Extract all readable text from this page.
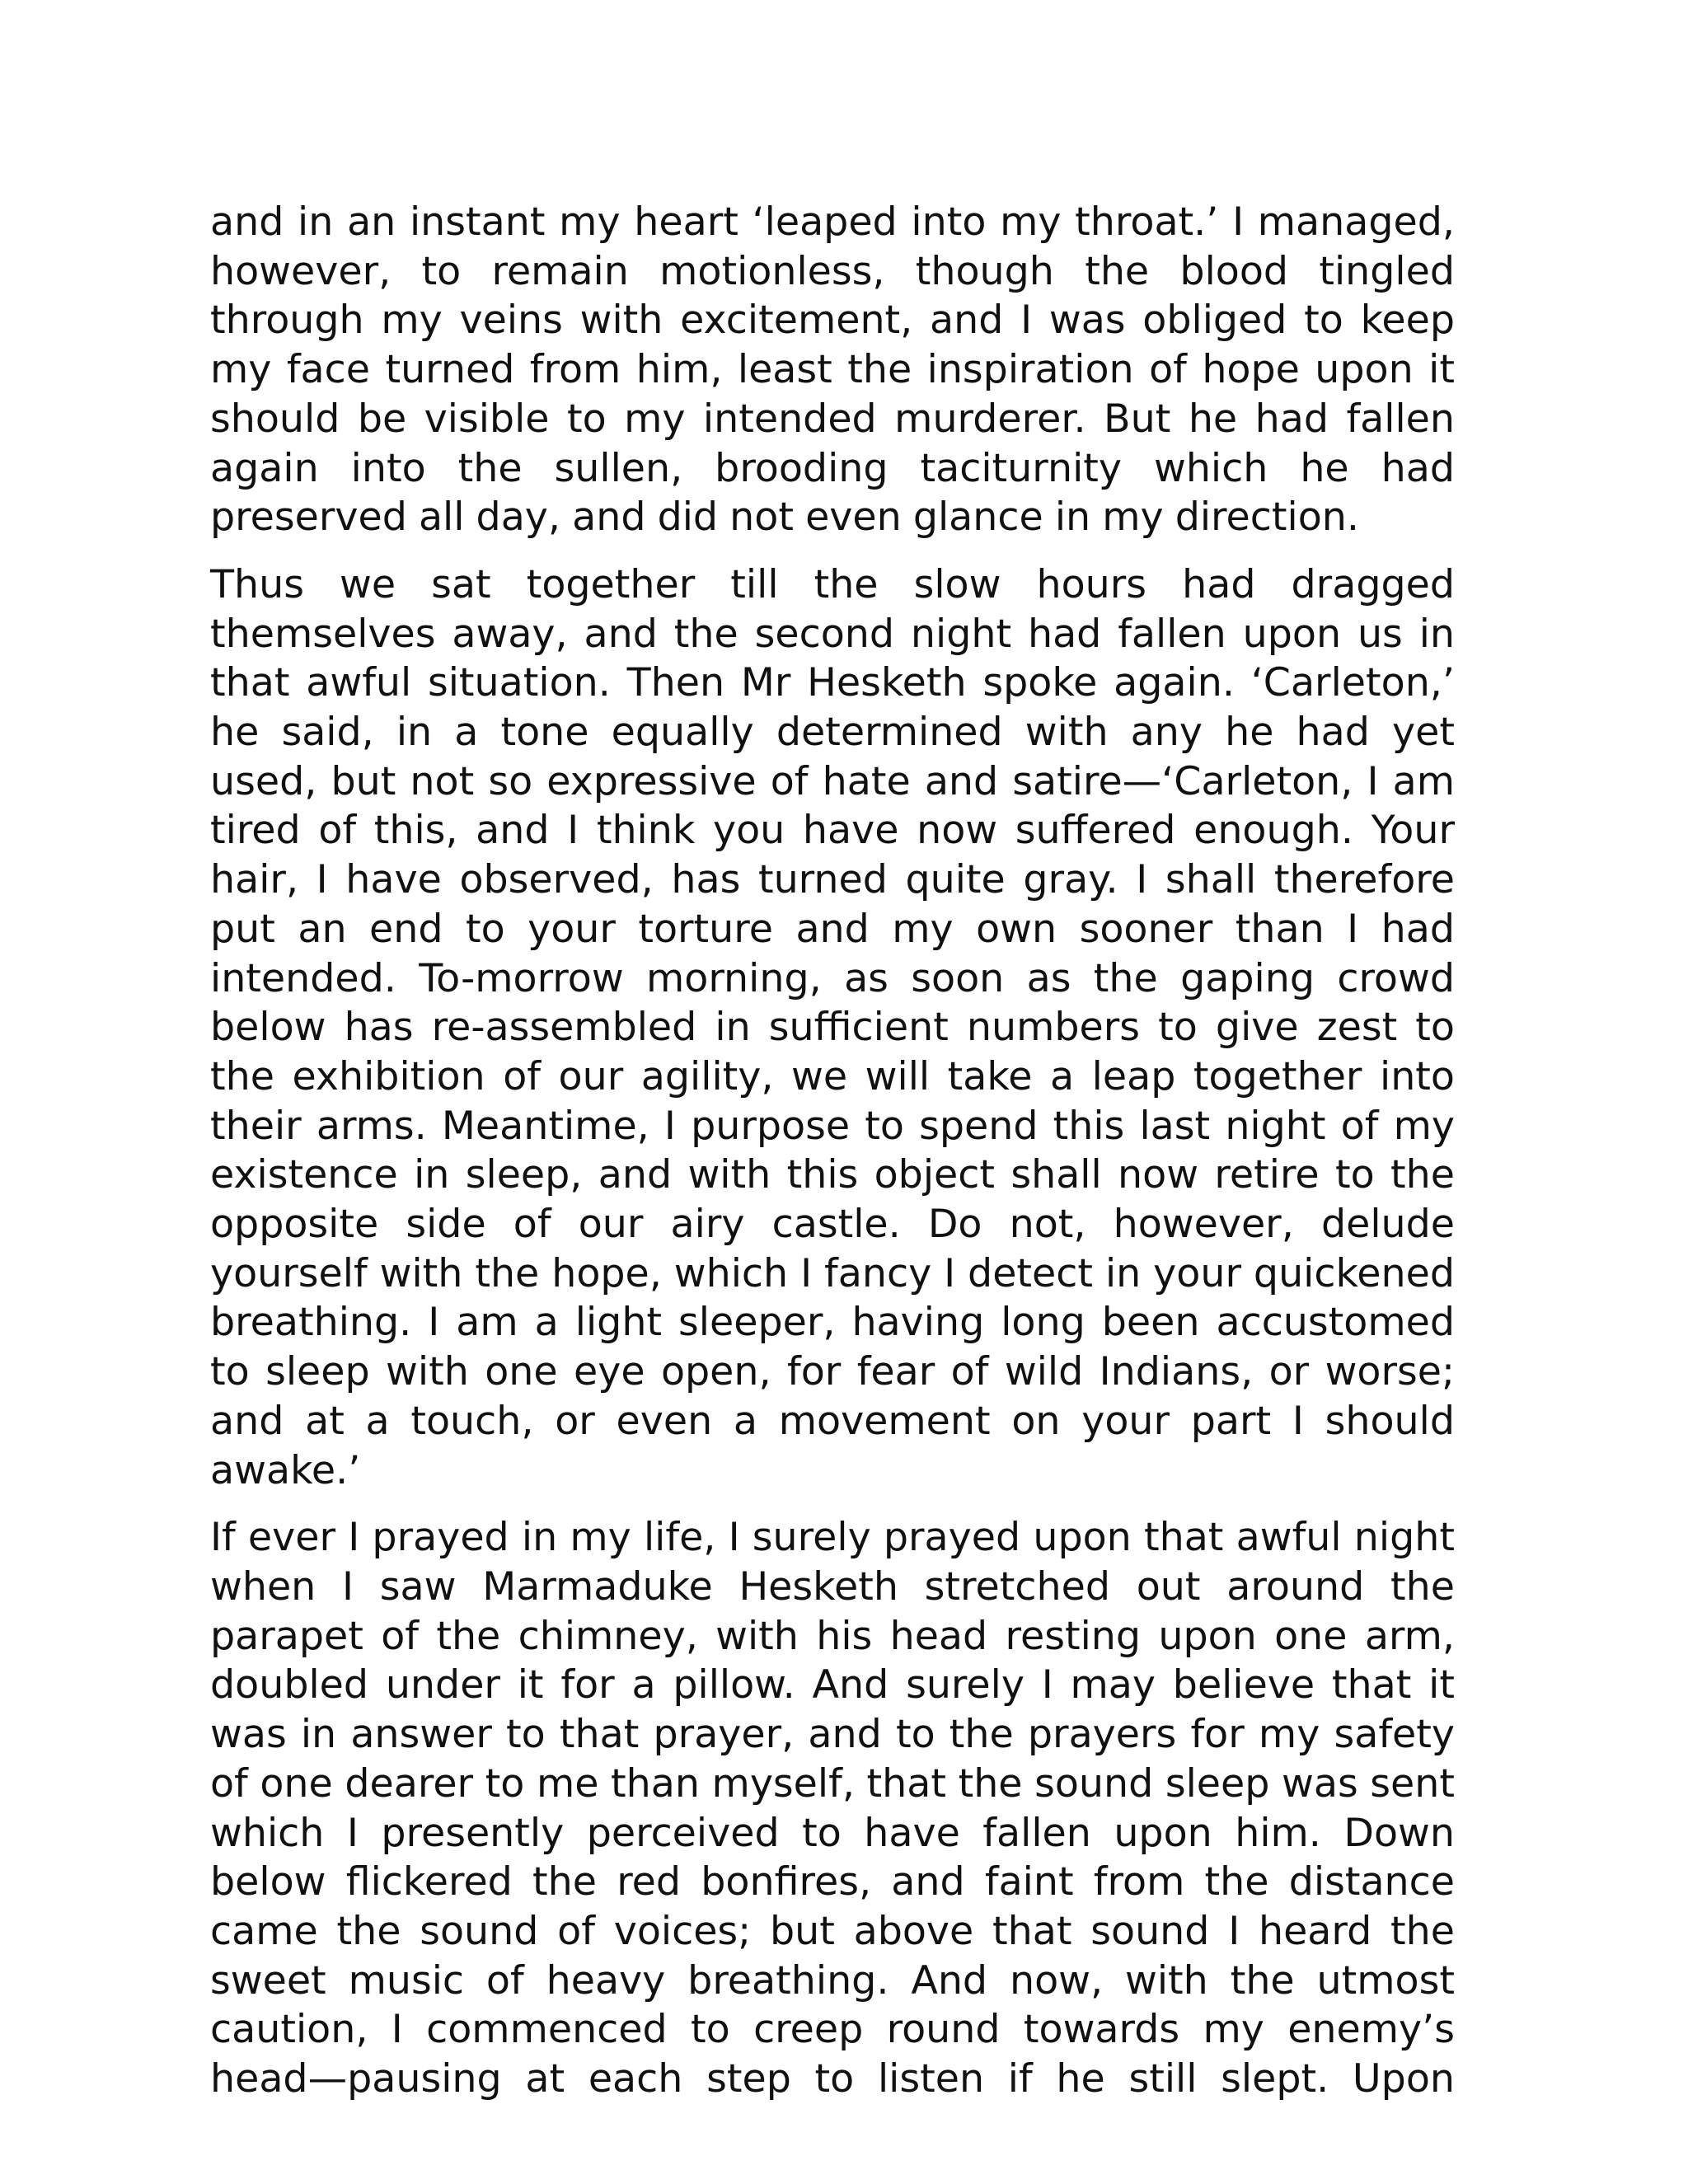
and in an instant my heart ‘leaped into my throat.’ I managed, however, to remain motionless, though the blood tingled through my veins with excitement, and I was obliged to keep my face turned from him, least the inspiration of hope upon it should be visible to my intended murderer. But he had fallen again into the sullen, brooding taciturnity which he had preserved all day, and did not even glance in my direction.

Thus we sat together till the slow hours had dragged themselves away, and the second night had fallen upon us in that awful situation. Then Mr Hesketh spoke again. ‘Carleton,’ he said, in a tone equally determined with any he had yet used, but not so expressive of hate and satire—‘Carleton, I am tired of this, and I think you have now suffered enough. Your hair, I have observed, has turned quite gray. I shall therefore put an end to your torture and my own sooner than I had intended. To-morrow morning, as soon as the gaping crowd below has re-assembled in sufficient numbers to give zest to the exhibition of our agility, we will take a leap together into their arms. Meantime, I purpose to spend this last night of my existence in sleep, and with this object shall now retire to the opposite side of our airy castle. Do not, however, delude yourself with the hope, which I fancy I detect in your quickened breathing. I am a light sleeper, having long been accustomed to sleep with one eye open, for fear of wild Indians, or worse; and at a touch, or even a movement on your part I should awake.’

If ever I prayed in my life, I surely prayed upon that awful night when I saw Marmaduke Hesketh stretched out around the parapet of the chimney, with his head resting upon one arm, doubled under it for a pillow. And surely I may believe that it was in answer to that prayer, and to the prayers for my safety of one dearer to me than myself, that the sound sleep was sent which I presently perceived to have fallen upon him. Down below flickered the red bonfires, and faint from the distance came the sound of voices; but above that sound I heard the sweet music of heavy breathing. And now, with the utmost caution, I commenced to creep round towards my enemy’s head—pausing at each step to listen if he still slept. Upon
